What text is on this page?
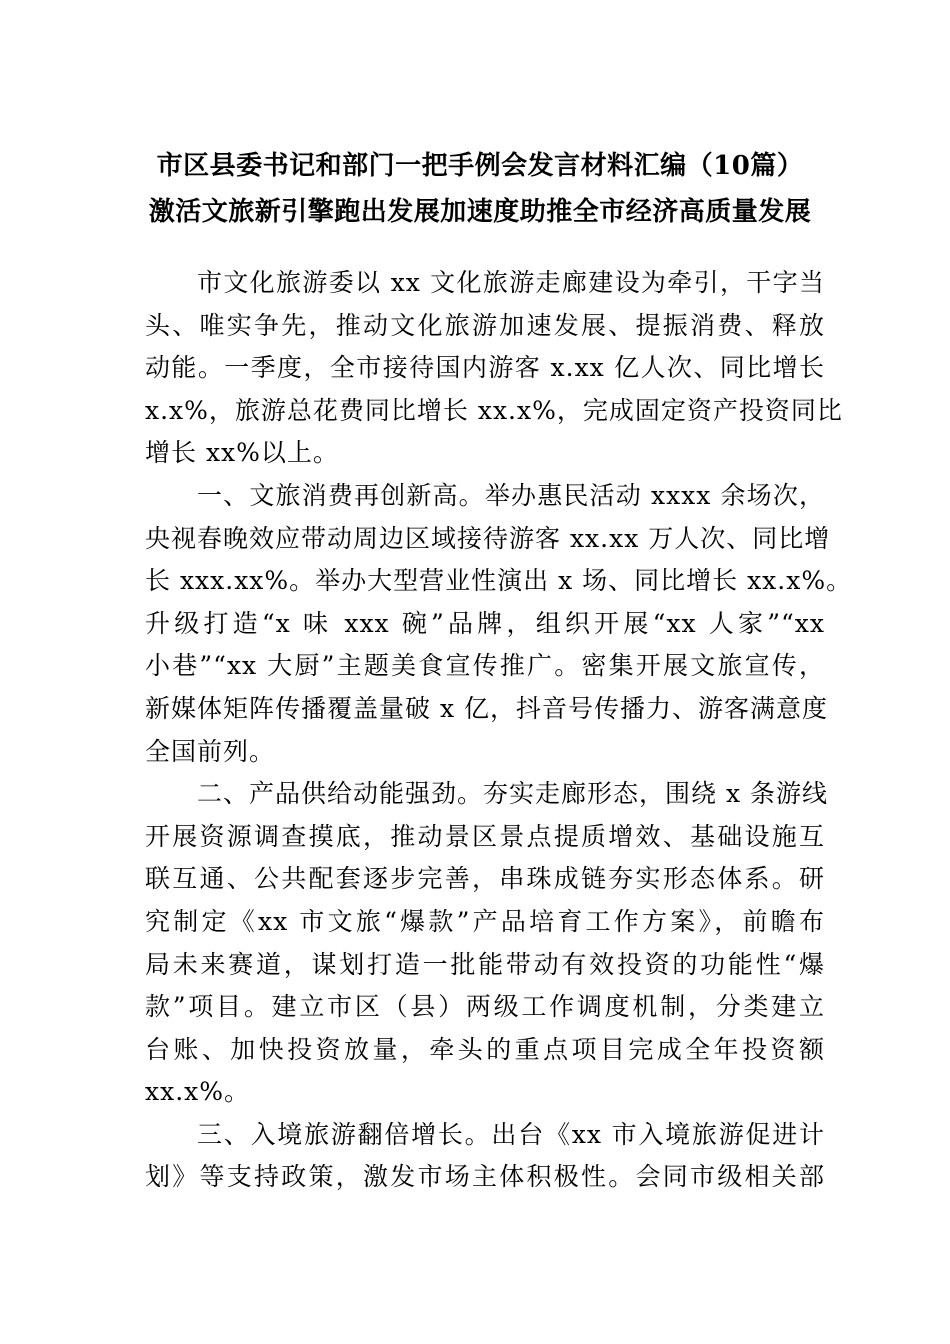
市区县委书记和部门一把手例会发言材料汇编（10篇）
激活文旅新引擎跑出发展加速度助推全市经济高质量发展

市文化旅游委以 xx 文化旅游走廊建设为牵引，干字当
头、唯实争先，推动文化旅游加速发展、提振消费、释放
动能。一季度，全市接待国内游客 x.xx 亿人次、同比增长
x.x%，旅游总花费同比增长 xx.x%，完成固定资产投资同比
增长 xx%以上。

一、文旅消费再创新高。举办惠民活动 xxxx 余场次，
央视春晚效应带动周边区域接待游客 xx.xx 万人次、同比增
长 xxx.xx%。举办大型营业性演出 x 场、同比增长 xx.x%。
升级打造“x 味 xxx 碗”品牌，组织开展“xx 人家”“xx
小巷”“xx 大厨”主题美食宣传推广。密集开展文旅宣传，
新媒体矩阵传播覆盖量破 x 亿，抖音号传播力、游客满意度
全国前列。

二、产品供给动能强劲。夯实走廊形态，围绕 x 条游线
开展资源调查摸底，推动景区景点提质增效、基础设施互
联互通、公共配套逐步完善，串珠成链夯实形态体系。研
究制定《xx 市文旅“爆款”产品培育工作方案》，前瞻布
局未来赛道，谋划打造一批能带动有效投资的功能性“爆
款”项目。建立市区（县）两级工作调度机制，分类建立
台账、加快投资放量，牵头的重点项目完成全年投资额
xx.x%。

三、入境旅游翻倍增长。出台《xx 市入境旅游促进计
划》等支持政策，激发市场主体积极性。会同市级相关部
